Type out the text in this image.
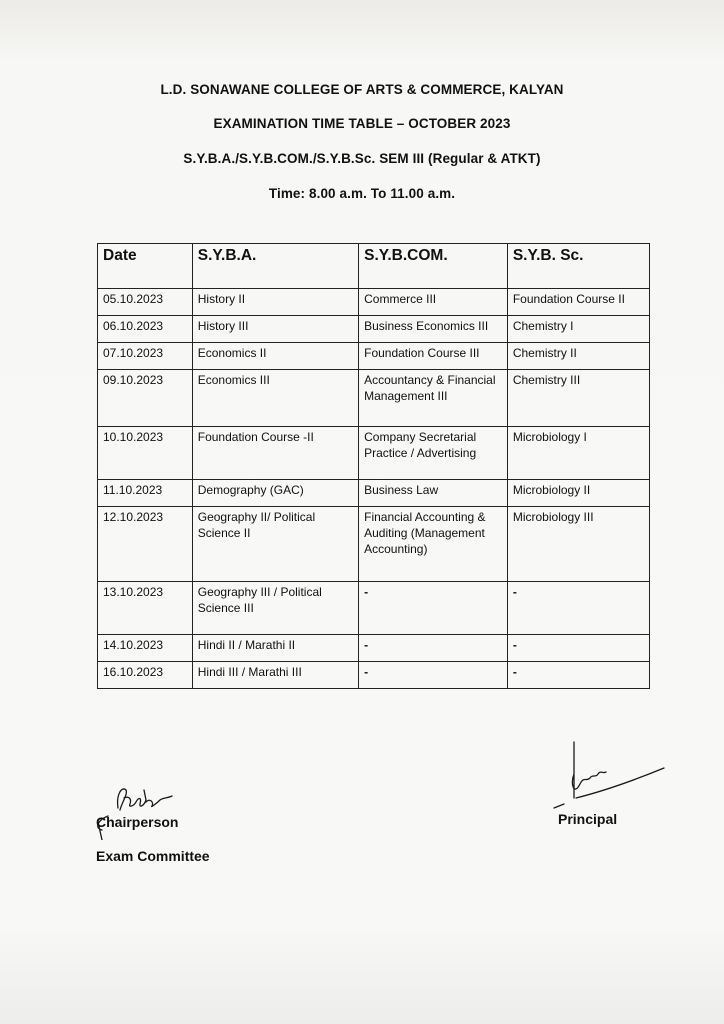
L.D. SONAWANE COLLEGE OF ARTS & COMMERCE, KALYAN
EXAMINATION TIME TABLE – OCTOBER 2023
S.Y.B.A./S.Y.B.COM./S.Y.B.Sc. SEM III (Regular & ATKT)
Time: 8.00 a.m. To 11.00 a.m.
Date	S.Y.B.A.	S.Y.B.COM.	S.Y.B. Sc.
05.10.2023	History II	Commerce III	Foundation Course II
06.10.2023	History III	Business Economics III	Chemistry I
07.10.2023	Economics II	Foundation Course III	Chemistry II
09.10.2023	Economics III	Accountancy & Financial Management III	Chemistry III
10.10.2023	Foundation Course -II	Company Secretarial Practice / Advertising	Microbiology I
11.10.2023	Demography (GAC)	Business Law	Microbiology II
12.10.2023	Geography II/ Political Science II	Financial Accounting & Auditing (Management Accounting)	Microbiology III
13.10.2023	Geography III / Political Science III	-	-
14.10.2023	Hindi II / Marathi II	-	-
16.10.2023	Hindi III / Marathi III	-	-
Chairperson
Exam Committee
Principal
